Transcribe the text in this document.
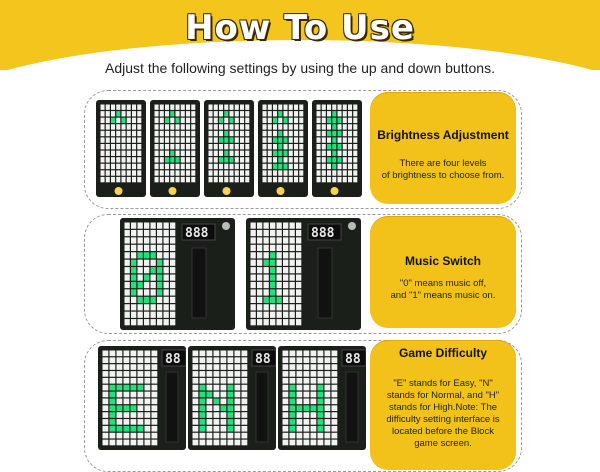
How To Use
Adjust the following settings by using the up and down buttons.
Brightness Adjustment
There are four levels
of brightness to choose from.
888	888
Music Switch
"0" means music off,
and "1" means music on.
88	88	88	Game Difficulty
"E" stands for Easy, "N"
stands for Normal, and "H"
stands for High.Note: The
difficulty setting interface is
located before the Block
game screen.
